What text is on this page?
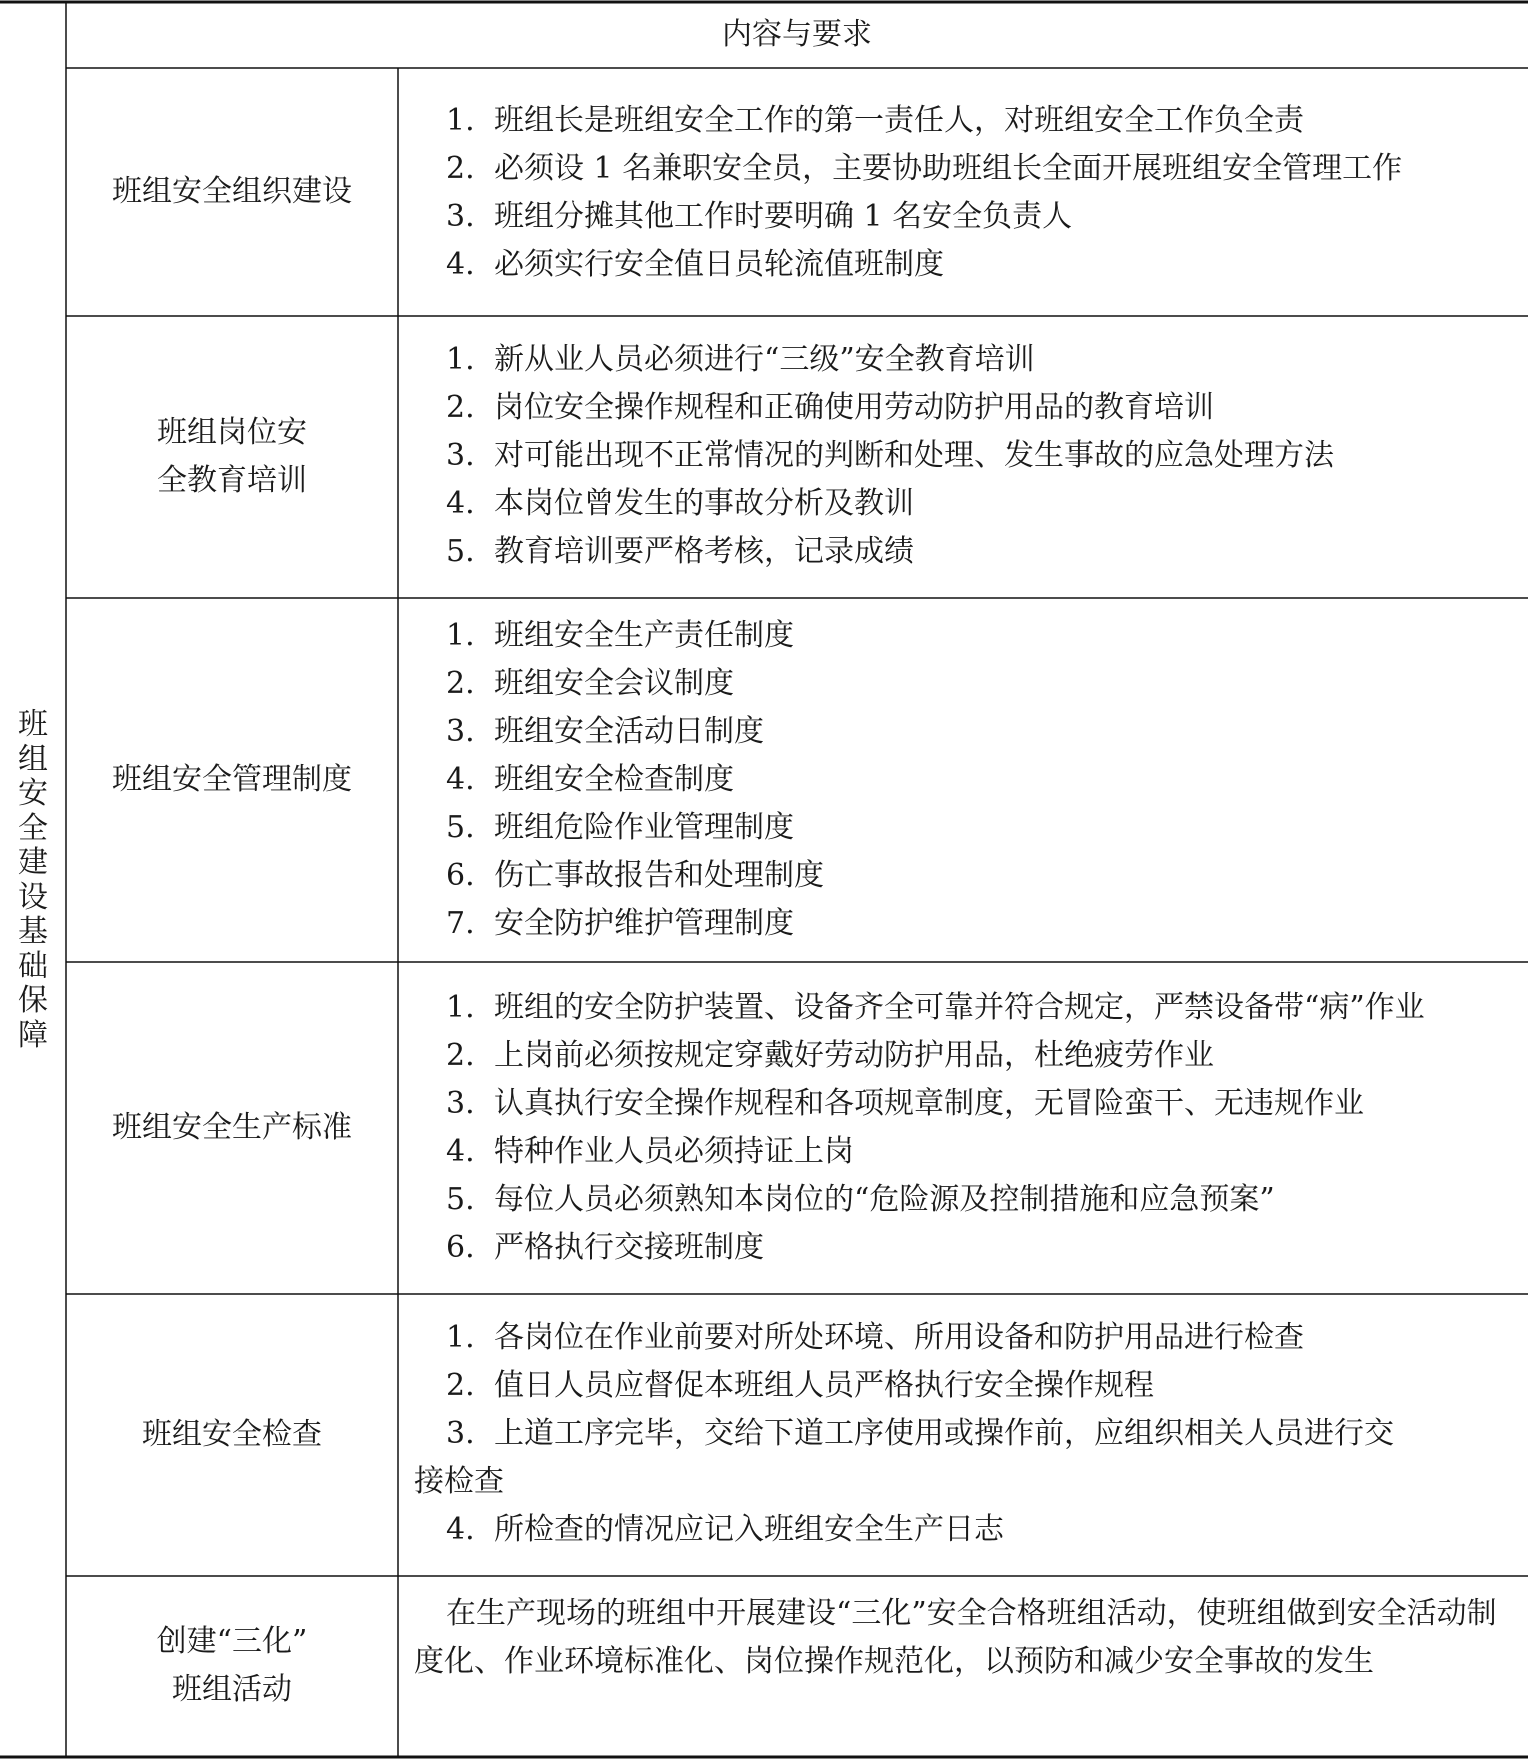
班
组
安
全
建
设
基
础
保
障
内容与要求
班组安全组织建设
1. 班组长是班组安全工作的第一责任人，对班组安全工作负全责
2. 必须设 1 名兼职安全员，主要协助班组长全面开展班组安全管理工作
3. 班组分摊其他工作时要明确 1 名安全负责人
4. 必须实行安全值日员轮流值班制度
班组岗位安
全教育培训
1. 新从业人员必须进行“三级”安全教育培训
2. 岗位安全操作规程和正确使用劳动防护用品的教育培训
3. 对可能出现不正常情况的判断和处理、发生事故的应急处理方法
4. 本岗位曾发生的事故分析及教训
5. 教育培训要严格考核，记录成绩
班组安全管理制度
1. 班组安全生产责任制度
2. 班组安全会议制度
3. 班组安全活动日制度
4. 班组安全检查制度
5. 班组危险作业管理制度
6. 伤亡事故报告和处理制度
7. 安全防护维护管理制度
班组安全生产标准
1. 班组的安全防护装置、设备齐全可靠并符合规定，严禁设备带“病”作业
2. 上岗前必须按规定穿戴好劳动防护用品，杜绝疲劳作业
3. 认真执行安全操作规程和各项规章制度，无冒险蛮干、无违规作业
4. 特种作业人员必须持证上岗
5. 每位人员必须熟知本岗位的“危险源及控制措施和应急预案”
6. 严格执行交接班制度
班组安全检查
1. 各岗位在作业前要对所处环境、所用设备和防护用品进行检查
2. 值日人员应督促本班组人员严格执行安全操作规程
3. 上道工序完毕，交给下道工序使用或操作前，应组织相关人员进行交
接检查
4. 所检查的情况应记入班组安全生产日志
创建“三化”
班组活动
在生产现场的班组中开展建设“三化”安全合格班组活动，使班组做到安全活动制度化、作业环境标准化、岗位操作规范化，以预防和减少安全事故的发生
